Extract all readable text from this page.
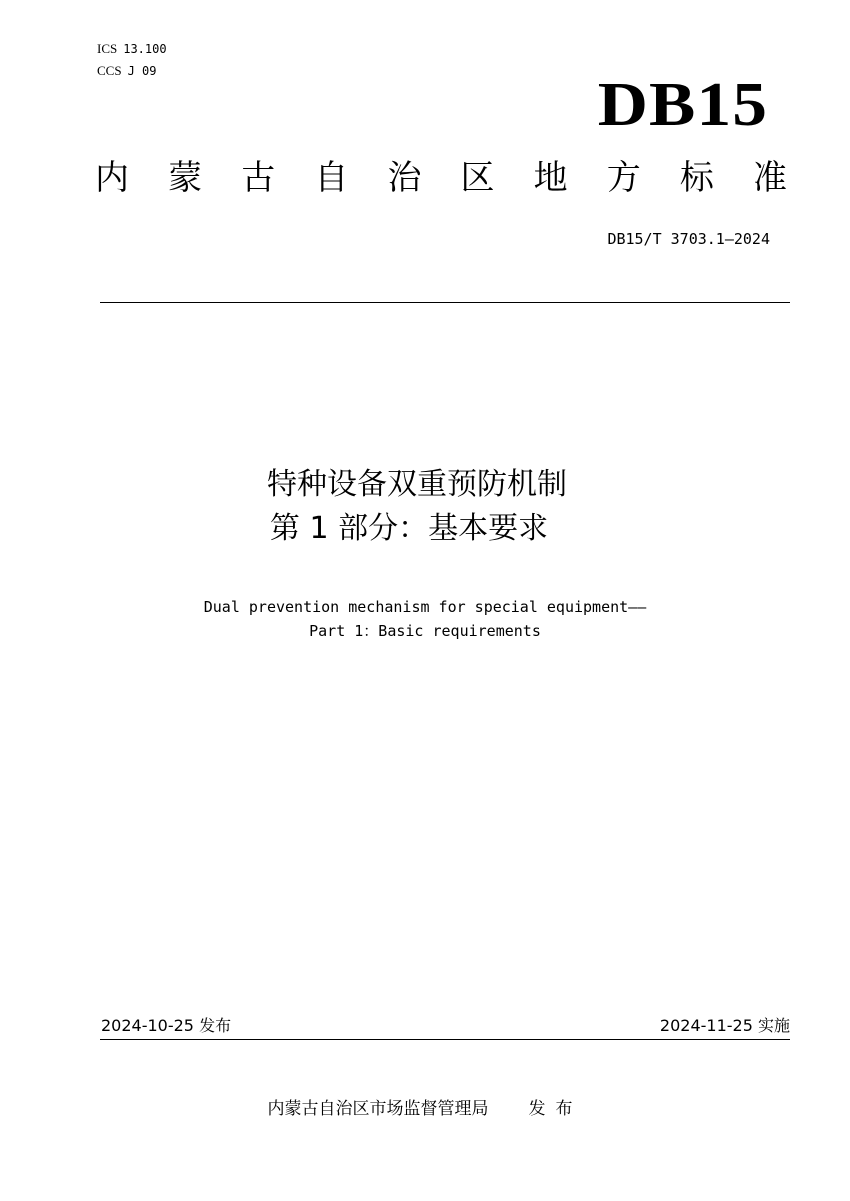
ICS 13.100
CCS J 09	DB15
内 蒙 古 自 治 区 地 方 标 准
DB15/T 3703.1—2024
特种设备双重预防机制
第 1 部分：基本要求
Dual prevention mechanism for special equipment——
Part 1：Basic requirements
2024-10-25 发布	2024-11-25 实施
内蒙古自治区市场监督管理局 发布
